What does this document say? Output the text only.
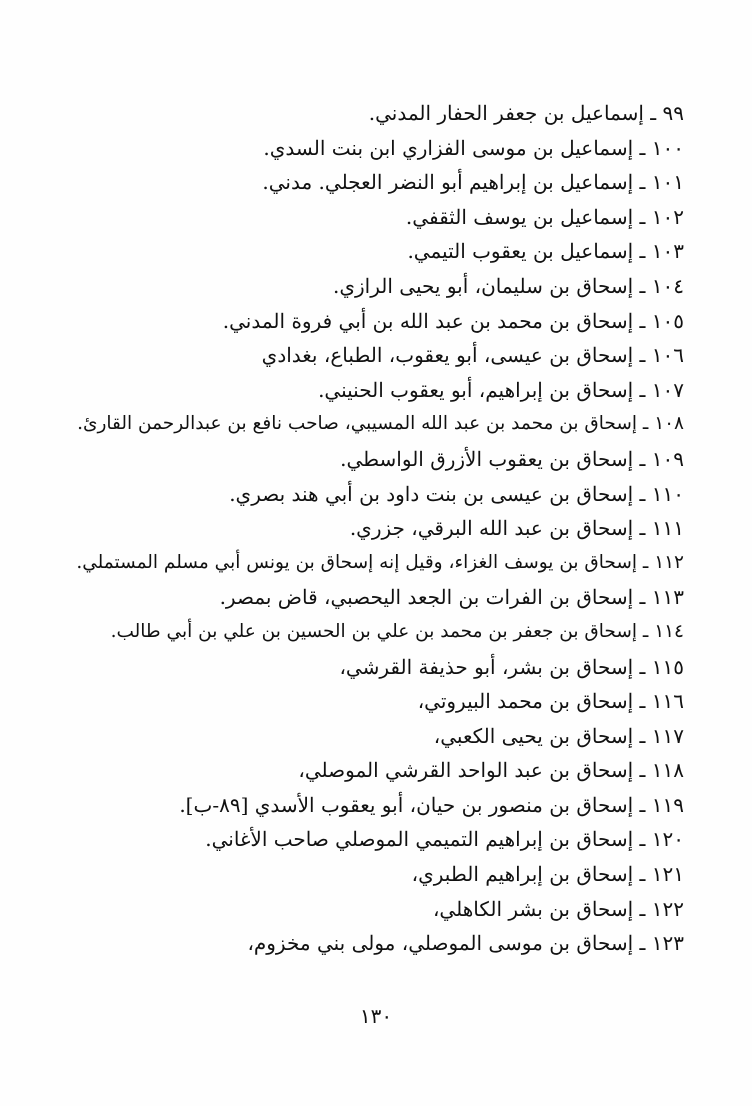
٩٩ ـ إسماعيل بن جعفر الحفار المدني.
١٠٠ ـ إسماعيل بن موسى الفزاري ابن بنت السدي.
١٠١ ـ إسماعيل بن إبراهيم أبو النضر العجلي. مدني.
١٠٢ ـ إسماعيل بن يوسف الثقفي.
١٠٣ ـ إسماعيل بن يعقوب التيمي.
١٠٤ ـ إسحاق بن سليمان، أبو يحيى الرازي.
١٠٥ ـ إسحاق بن محمد بن عبد الله بن أبي فروة المدني.
١٠٦ ـ إسحاق بن عيسى، أبو يعقوب، الطباع، بغدادي
١٠٧ ـ إسحاق بن إبراهيم، أبو يعقوب الحنيني.
١٠٨ ـ إسحاق بن محمد بن عبد الله المسيبي، صاحب نافع بن عبدالرحمن القارئ.
١٠٩ ـ إسحاق بن يعقوب الأزرق الواسطي.
١١٠ ـ إسحاق بن عيسى بن بنت داود بن أبي هند بصري.
١١١ ـ إسحاق بن عبد الله البرقي، جزري.
١١٢ ـ إسحاق بن يوسف الغزاء، وقيل إنه إسحاق بن يونس أبي مسلم المستملي.
١١٣ ـ إسحاق بن الفرات بن الجعد اليحصبي، قاض بمصر.
١١٤ ـ إسحاق بن جعفر بن محمد بن علي بن الحسين بن علي بن أبي طالب.
١١٥ ـ إسحاق بن بشر، أبو حذيفة القرشي،
١١٦ ـ إسحاق بن محمد البيروتي،
١١٧ ـ إسحاق بن يحيى الكعبي،
١١٨ ـ إسحاق بن عبد الواحد القرشي الموصلي،
١١٩ ـ إسحاق بن منصور بن حيان، أبو يعقوب الأسدي [٨٩-ب].
١٢٠ ـ إسحاق بن إبراهيم التميمي الموصلي صاحب الأغاني.
١٢١ ـ إسحاق بن إبراهيم الطبري،
١٢٢ ـ إسحاق بن بشر الكاهلي،
١٢٣ ـ إسحاق بن موسى الموصلي، مولى بني مخزوم،
١٣٠
